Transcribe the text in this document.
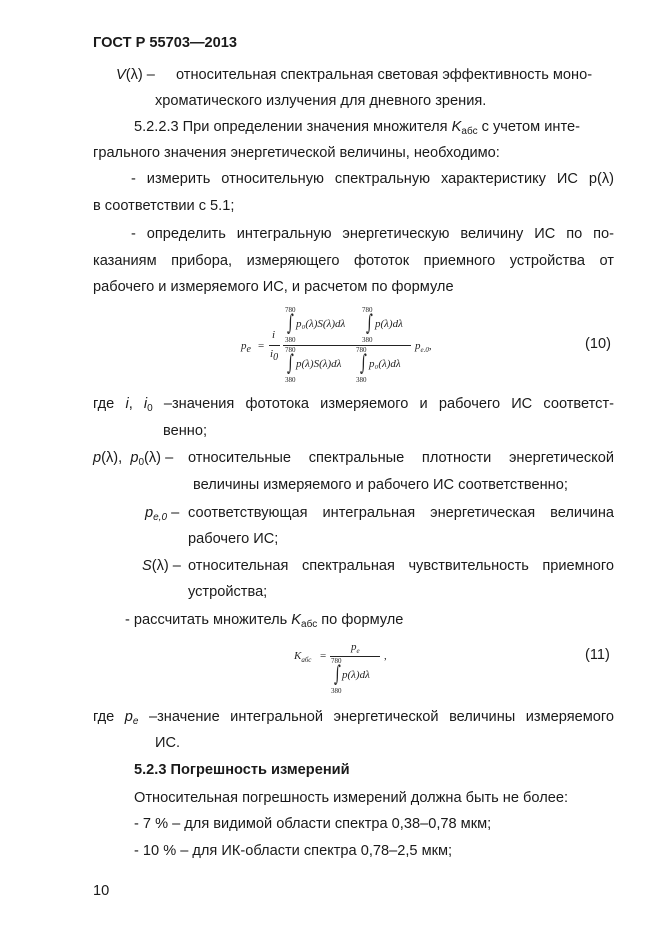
ГОСТ Р 55703—2013
V(λ) – относительная спектральная световая эффективность моно-
хроматического излучения для дневного зрения.
5.2.2.3 При определении значения множителя $K_{абс}$ с учетом инте-
грального значения энергетической величины, необходимо:
- измерить относительную спектральную характеристику ИС p(λ)
в соответствии с 5.1;
- определить интегральную энергетическую величину ИС по по-
казаниям прибора, измеряющего фототок приемного устройства от
рабочего и измеряемого ИС, и расчетом по формуле
$p_e$ =
i
$i_0$
780
∫
380
p₀(λ)S(λ)dλ
780
∫
380
p(λ)dλ
780
∫
380
p(λ)S(λ)dλ
780
∫
380
p₀(λ)dλ
$p_{e.0}$,	(10)
где i, $i_0$ –значения фототока измеряемого и рабочего ИС соответст-
венно;
p(λ),  $p_0(\lambda)$ – относительные спектральные плотности энергетической
величины измеряемого и рабочего ИС соответственно;
$p_{e,0}$ – соответствующая интегральная энергетическая величина
рабочего ИС;
S(λ) – относительная спектральная чувствительность приемного
устройства;
- рассчитать множитель $K_{абс}$ по формуле
$K_{абс}$ =
$p_e$
780
∫
380
p(λ)dλ
,	(11)
где $p_e$ –значение интегральной энергетической величины измеряемого
ИС.
5.2.3 Погрешность измерений
Относительная погрешность измерений должна быть не более:
- 7 % – для видимой области спектра 0,38–0,78 мкм;
- 10 % – для ИК-области спектра 0,78–2,5 мкм;
10
